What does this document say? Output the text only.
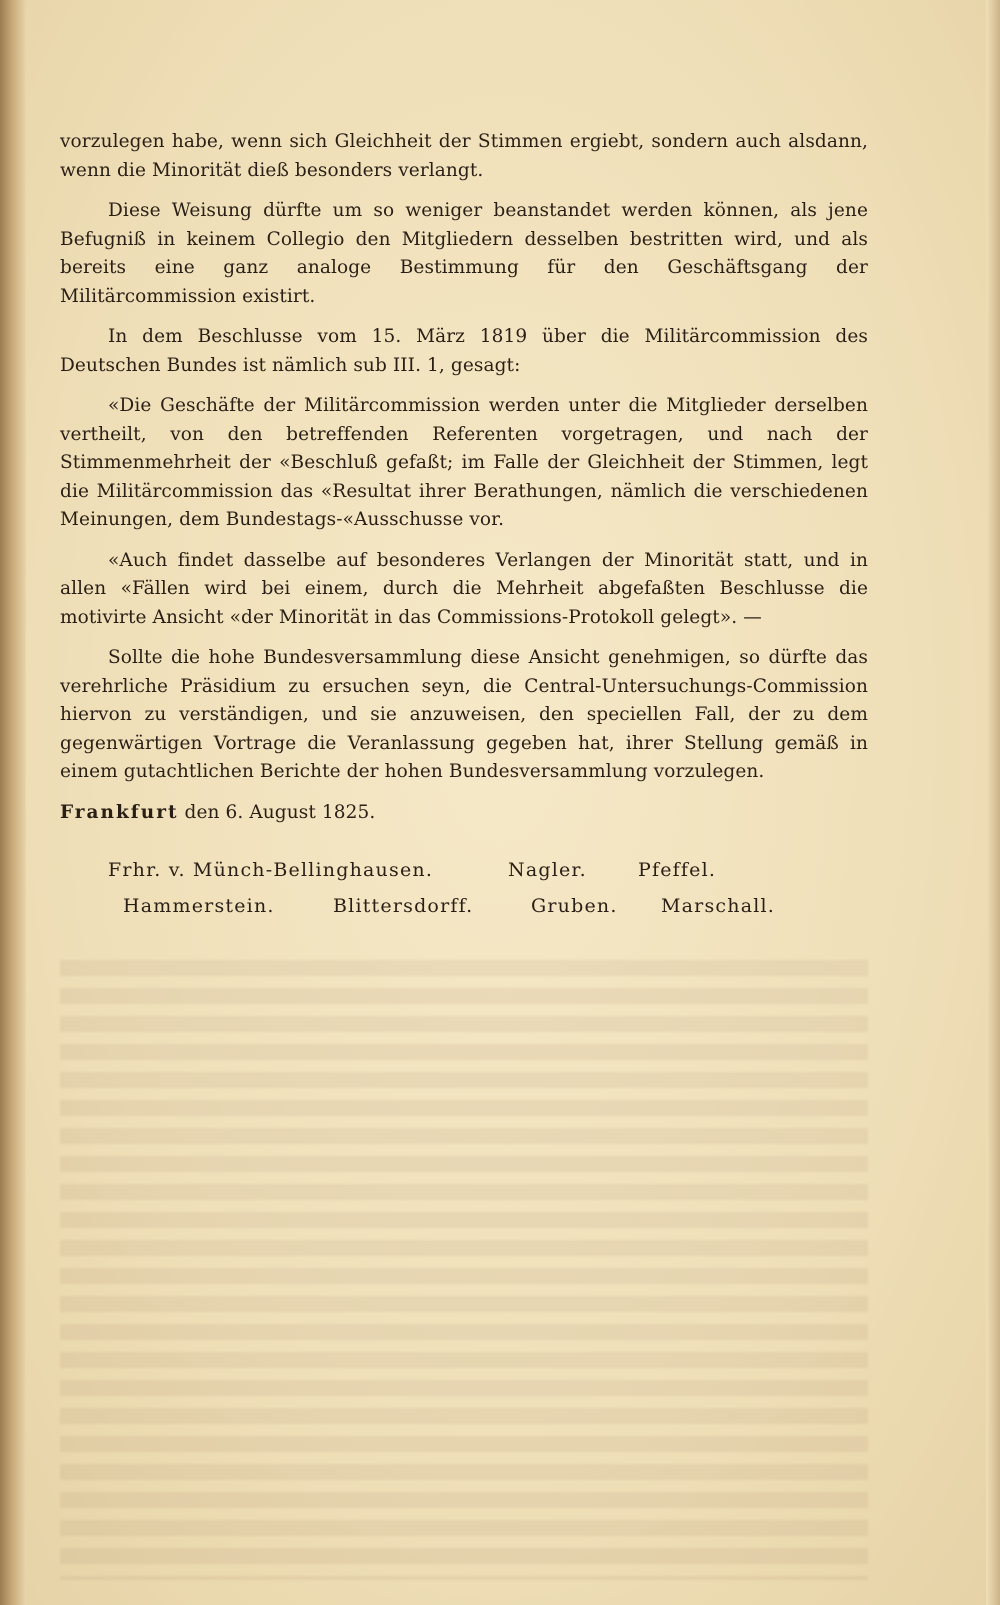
vorzulegen habe, wenn sich Gleichheit der Stimmen ergiebt, sondern auch alsdann, wenn die Minorität dieß besonders verlangt.

Diese Weisung dürfte um so weniger beanstandet werden können, als jene Befugniß in keinem Collegio den Mitgliedern desselben bestritten wird, und als bereits eine ganz analoge Bestimmung für den Geschäftsgang der Militärcommission existirt.

In dem Beschlusse vom 15. März 1819 über die Militärcommission des Deutschen Bundes ist nämlich sub III. 1, gesagt:

«Die Geschäfte der Militärcommission werden unter die Mitglieder derselben vertheilt, von den betreffenden Referenten vorgetragen, und nach der Stimmenmehrheit der «Beschluß gefaßt; im Falle der Gleichheit der Stimmen, legt die Militärcommission das «Resultat ihrer Berathungen, nämlich die verschiedenen Meinungen, dem Bundestags-«Ausschusse vor.

«Auch findet dasselbe auf besonderes Verlangen der Minorität statt, und in allen «Fällen wird bei einem, durch die Mehrheit abgefaßten Beschlusse die motivirte Ansicht «der Minorität in das Commissions-Protokoll gelegt». —

Sollte die hohe Bundesversammlung diese Ansicht genehmigen, so dürfte das verehrliche Präsidium zu ersuchen seyn, die Central-Untersuchungs-Commission hiervon zu verständigen, und sie anzuweisen, den speciellen Fall, der zu dem gegenwärtigen Vortrage die Veranlassung gegeben hat, ihrer Stellung gemäß in einem gutachtlichen Berichte der hohen Bundesversammlung vorzulegen.

Frankfurt den 6. August 1825.

Frhr. v. Münch-Bellinghausen.	Nagler.	Pfeffel.
Hammerstein.	Blittersdorff.	Gruben.	Marschall.
